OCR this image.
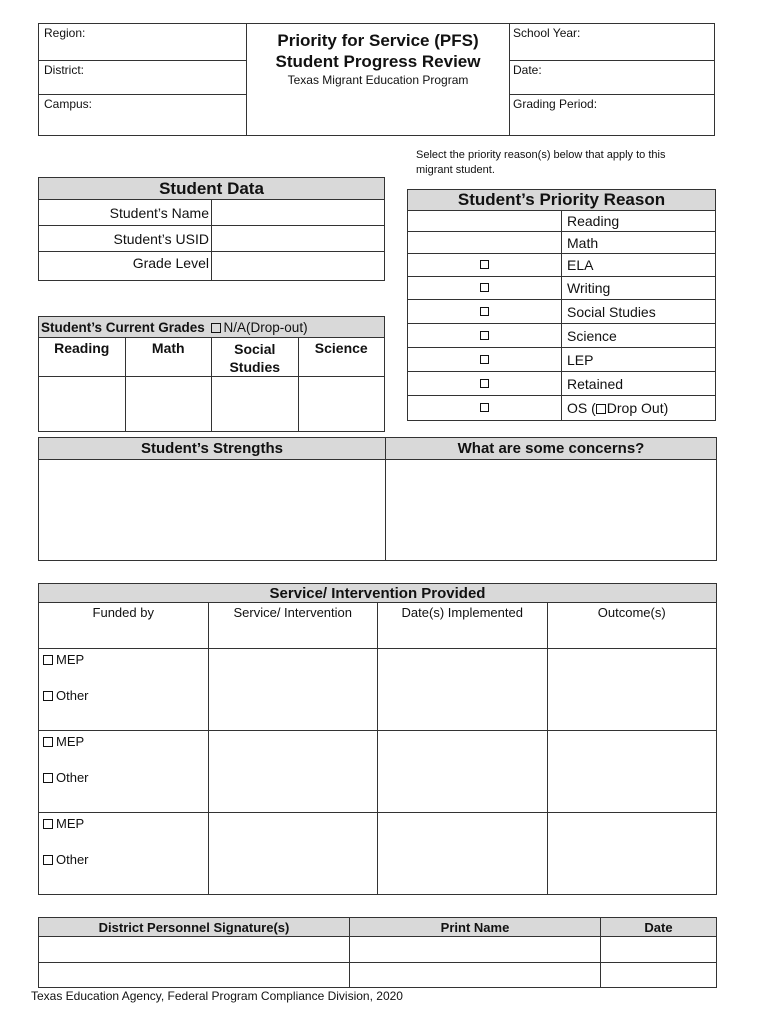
Region:
District:
Campus:
Priority for Service (PFS)
Student Progress Review
Texas Migrant Education Program
School Year:
Date:
Grading Period:
Select the priority reason(s) below that apply to this migrant student.
Student Data	
Student’s Name	
Student’s USID	
Grade Level	
Student’s Current Grades N/A(Drop-out)			
Reading	Math	Social Studies	Science

Student’s Priority Reason	
	Reading
	Math
	ELA
	Writing
	Social Studies
	Science
	LEP
	Retained
	OS ( Drop Out)
Student’s Strengths	What are some concerns?

Service/ Intervention Provided			
Funded by	Service/ Intervention	Date(s) Implemented	Outcome(s)

MEP
Other			

MEP
Other			

MEP
Other			

District Personnel Signature(s)	Print Name	Date

Texas Education Agency, Federal Program Compliance Division, 2020
